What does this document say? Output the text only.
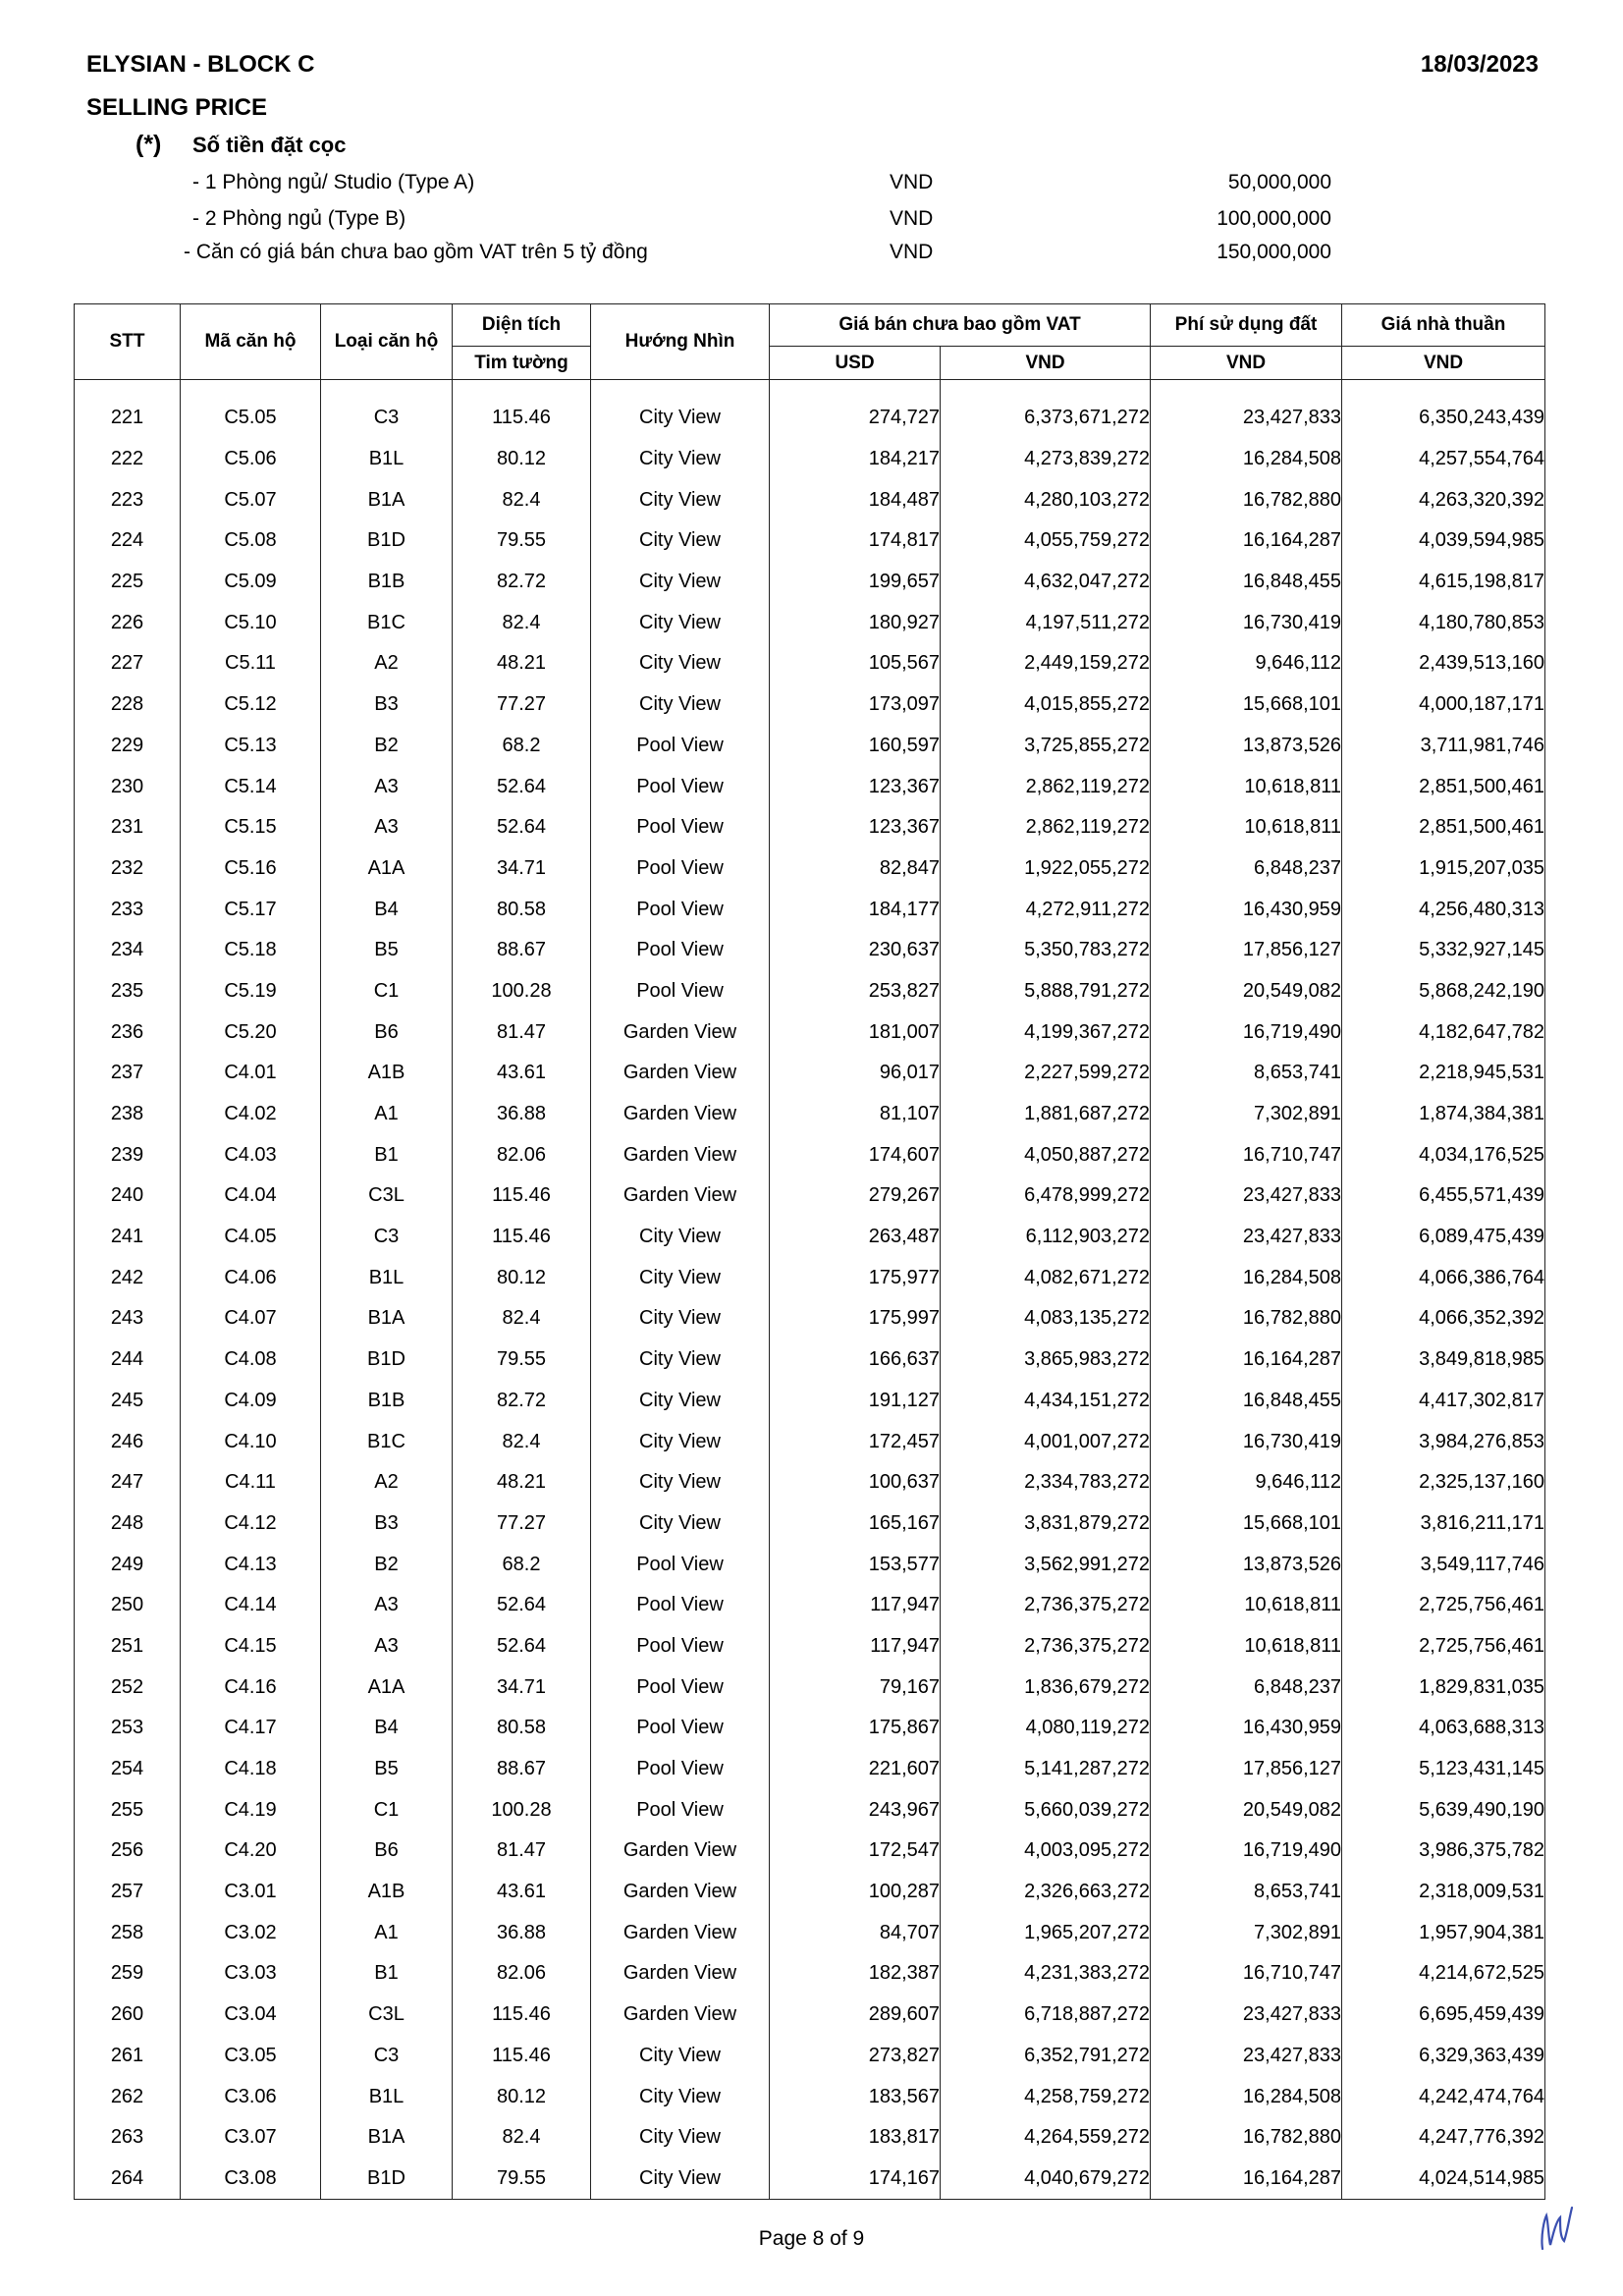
ELYSIAN - BLOCK C	18/03/2023
SELLING PRICE
(*) Số tiền đặt cọc
- 1 Phòng ngủ/ Studio (Type A)	VND	50,000,000
- 2 Phòng ngủ (Type B)	VND	100,000,000
- Căn có giá bán chưa bao gồm VAT trên 5 tỷ đồng	VND	150,000,000
STT	Mã căn hộ	Loại căn hộ	Diện tích	Hướng Nhìn	Giá bán chưa bao gồm VAT		Phí sử dụng đất	Giá nhà thuần
			Tim tường		USD	VND	VND	VND

221	C5.05	C3	115.46	City View	274,727	6,373,671,272	23,427,833	6,350,243,439
222	C5.06	B1L	80.12	City View	184,217	4,273,839,272	16,284,508	4,257,554,764
223	C5.07	B1A	82.4	City View	184,487	4,280,103,272	16,782,880	4,263,320,392
224	C5.08	B1D	79.55	City View	174,817	4,055,759,272	16,164,287	4,039,594,985
225	C5.09	B1B	82.72	City View	199,657	4,632,047,272	16,848,455	4,615,198,817
226	C5.10	B1C	82.4	City View	180,927	4,197,511,272	16,730,419	4,180,780,853
227	C5.11	A2	48.21	City View	105,567	2,449,159,272	9,646,112	2,439,513,160
228	C5.12	B3	77.27	City View	173,097	4,015,855,272	15,668,101	4,000,187,171
229	C5.13	B2	68.2	Pool View	160,597	3,725,855,272	13,873,526	3,711,981,746
230	C5.14	A3	52.64	Pool View	123,367	2,862,119,272	10,618,811	2,851,500,461
231	C5.15	A3	52.64	Pool View	123,367	2,862,119,272	10,618,811	2,851,500,461
232	C5.16	A1A	34.71	Pool View	82,847	1,922,055,272	6,848,237	1,915,207,035
233	C5.17	B4	80.58	Pool View	184,177	4,272,911,272	16,430,959	4,256,480,313
234	C5.18	B5	88.67	Pool View	230,637	5,350,783,272	17,856,127	5,332,927,145
235	C5.19	C1	100.28	Pool View	253,827	5,888,791,272	20,549,082	5,868,242,190
236	C5.20	B6	81.47	Garden View	181,007	4,199,367,272	16,719,490	4,182,647,782
237	C4.01	A1B	43.61	Garden View	96,017	2,227,599,272	8,653,741	2,218,945,531
238	C4.02	A1	36.88	Garden View	81,107	1,881,687,272	7,302,891	1,874,384,381
239	C4.03	B1	82.06	Garden View	174,607	4,050,887,272	16,710,747	4,034,176,525
240	C4.04	C3L	115.46	Garden View	279,267	6,478,999,272	23,427,833	6,455,571,439
241	C4.05	C3	115.46	City View	263,487	6,112,903,272	23,427,833	6,089,475,439
242	C4.06	B1L	80.12	City View	175,977	4,082,671,272	16,284,508	4,066,386,764
243	C4.07	B1A	82.4	City View	175,997	4,083,135,272	16,782,880	4,066,352,392
244	C4.08	B1D	79.55	City View	166,637	3,865,983,272	16,164,287	3,849,818,985
245	C4.09	B1B	82.72	City View	191,127	4,434,151,272	16,848,455	4,417,302,817
246	C4.10	B1C	82.4	City View	172,457	4,001,007,272	16,730,419	3,984,276,853
247	C4.11	A2	48.21	City View	100,637	2,334,783,272	9,646,112	2,325,137,160
248	C4.12	B3	77.27	City View	165,167	3,831,879,272	15,668,101	3,816,211,171
249	C4.13	B2	68.2	Pool View	153,577	3,562,991,272	13,873,526	3,549,117,746
250	C4.14	A3	52.64	Pool View	117,947	2,736,375,272	10,618,811	2,725,756,461
251	C4.15	A3	52.64	Pool View	117,947	2,736,375,272	10,618,811	2,725,756,461
252	C4.16	A1A	34.71	Pool View	79,167	1,836,679,272	6,848,237	1,829,831,035
253	C4.17	B4	80.58	Pool View	175,867	4,080,119,272	16,430,959	4,063,688,313
254	C4.18	B5	88.67	Pool View	221,607	5,141,287,272	17,856,127	5,123,431,145
255	C4.19	C1	100.28	Pool View	243,967	5,660,039,272	20,549,082	5,639,490,190
256	C4.20	B6	81.47	Garden View	172,547	4,003,095,272	16,719,490	3,986,375,782
257	C3.01	A1B	43.61	Garden View	100,287	2,326,663,272	8,653,741	2,318,009,531
258	C3.02	A1	36.88	Garden View	84,707	1,965,207,272	7,302,891	1,957,904,381
259	C3.03	B1	82.06	Garden View	182,387	4,231,383,272	16,710,747	4,214,672,525
260	C3.04	C3L	115.46	Garden View	289,607	6,718,887,272	23,427,833	6,695,459,439
261	C3.05	C3	115.46	City View	273,827	6,352,791,272	23,427,833	6,329,363,439
262	C3.06	B1L	80.12	City View	183,567	4,258,759,272	16,284,508	4,242,474,764
263	C3.07	B1A	82.4	City View	183,817	4,264,559,272	16,782,880	4,247,776,392
264	C3.08	B1D	79.55	City View	174,167	4,040,679,272	16,164,287	4,024,514,985
Page 8 of 9
